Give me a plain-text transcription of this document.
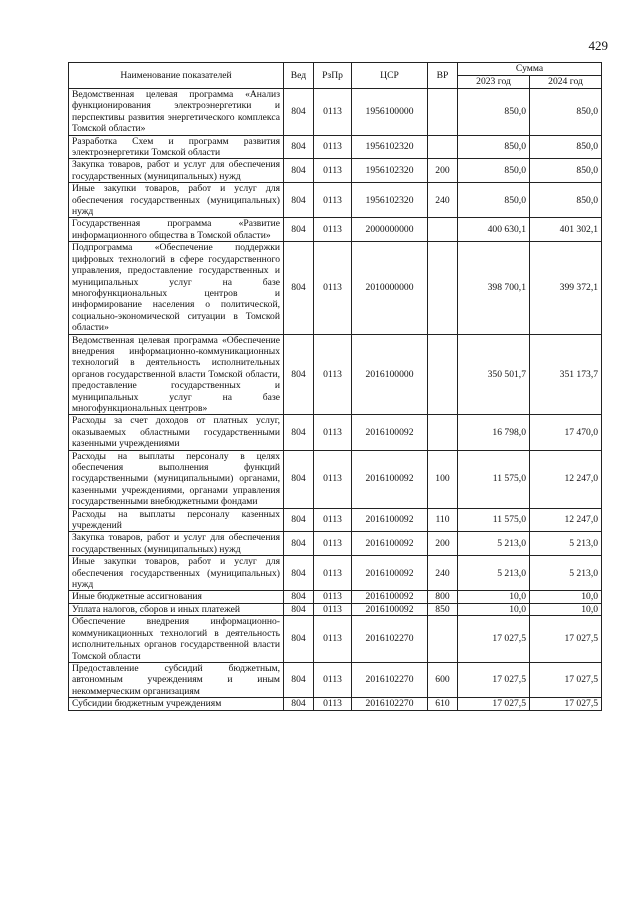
429
Наименование показателей	Вед	РзПр	ЦСР	ВР	Сумма	
					2023 год	2024 год
Ведомственная целевая программа «Анализ функционирования электроэнергетики и перспективы развития энергетического комплекса Томской области»	804	0113	1956100000		850,0	850,0
Разработка Схем и программ развития электроэнергетики Томской области	804	0113	1956102320		850,0	850,0
Закупка товаров, работ и услуг для обеспечения государственных (муниципальных) нужд	804	0113	1956102320	200	850,0	850,0
Иные закупки товаров, работ и услуг для обеспечения государственных (муниципальных) нужд	804	0113	1956102320	240	850,0	850,0
Государственная программа «Развитие информационного общества в Томской области»	804	0113	2000000000		400 630,1	401 302,1
Подпрограмма «Обеспечение поддержки цифровых технологий в сфере государственного управления, предоставление государственных и муниципальных услуг на базе многофункциональных центров и информирование населения о политической, социально-экономической ситуации в Томской области»	804	0113	2010000000		398 700,1	399 372,1
Ведомственная целевая программа «Обеспечение внедрения информационно-коммуникационных технологий в деятельность исполнительных органов государственной власти Томской области, предоставление государственных и муниципальных услуг на базе многофункциональных центров»	804	0113	2016100000		350 501,7	351 173,7
Расходы за счет доходов от платных услуг, оказываемых областными государственными казенными учреждениями	804	0113	2016100092		16 798,0	17 470,0
Расходы на выплаты персоналу в целях обеспечения выполнения функций государственными (муниципальными) органами, казенными учреждениями, органами управления государственными внебюджетными фондами	804	0113	2016100092	100	11 575,0	12 247,0
Расходы на выплаты персоналу казенных учреждений	804	0113	2016100092	110	11 575,0	12 247,0
Закупка товаров, работ и услуг для обеспечения государственных (муниципальных) нужд	804	0113	2016100092	200	5 213,0	5 213,0
Иные закупки товаров, работ и услуг для обеспечения государственных (муниципальных) нужд	804	0113	2016100092	240	5 213,0	5 213,0
Иные бюджетные ассигнования	804	0113	2016100092	800	10,0	10,0
Уплата налогов, сборов и иных платежей	804	0113	2016100092	850	10,0	10,0
Обеспечение внедрения информационно-коммуникационных технологий в деятельность исполнительных органов государственной власти Томской области	804	0113	2016102270		17 027,5	17 027,5
Предоставление субсидий бюджетным, автономным учреждениям и иным некоммерческим организациям	804	0113	2016102270	600	17 027,5	17 027,5
Субсидии бюджетным учреждениям	804	0113	2016102270	610	17 027,5	17 027,5
